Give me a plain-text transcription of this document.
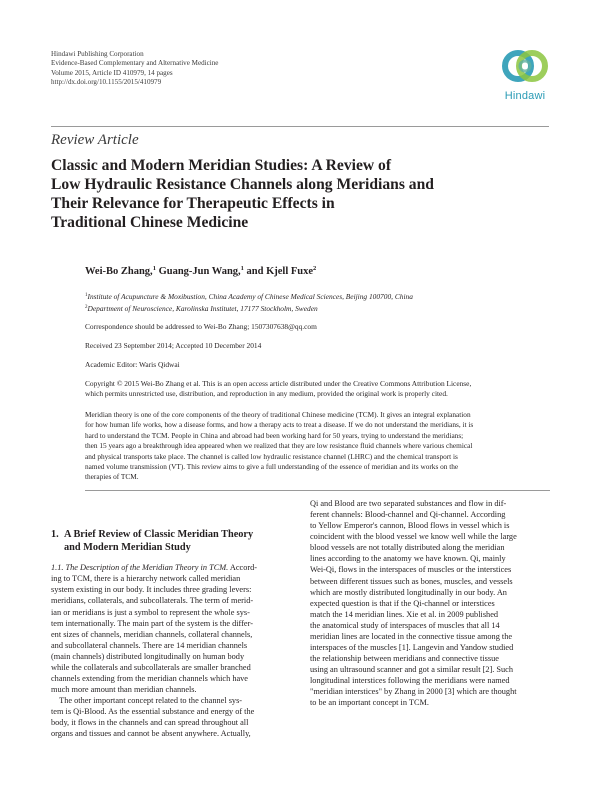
Hindawi Publishing Corporation
Evidence-Based Complementary and Alternative Medicine
Volume 2015, Article ID 410979, 14 pages
http://dx.doi.org/10.1155/2015/410979
Hindawi
Review Article
Classic and Modern Meridian Studies: A Review of
Low Hydraulic Resistance Channels along Meridians and
Their Relevance for Therapeutic Effects in
Traditional Chinese Medicine
Wei-Bo Zhang,$^1$ Guang-Jun Wang,$^1$ and Kjell Fuxe$^2$
$^1$Institute of Acupuncture & Moxibustion, China Academy of Chinese Medical Sciences, Beijing 100700, China
$^2$Department of Neuroscience, Karolinska Institutet, 17177 Stockholm, Sweden
Correspondence should be addressed to Wei-Bo Zhang; 1507307638@qq.com
Received 23 September 2014; Accepted 10 December 2014
Academic Editor: Waris Qidwai
Copyright © 2015 Wei-Bo Zhang et al. This is an open access article distributed under the Creative Commons Attribution License,
which permits unrestricted use, distribution, and reproduction in any medium, provided the original work is properly cited.
Meridian theory is one of the core components of the theory of traditional Chinese medicine (TCM). It gives an integral explanation
for how human life works, how a disease forms, and how a therapy acts to treat a disease. If we do not understand the meridians, it is
hard to understand the TCM. People in China and abroad had been working hard for 50 years, trying to understand the meridians;
then 15 years ago a breakthrough idea appeared when we realized that they are low resistance fluid channels where various chemical
and physical transports take place. The channel is called low hydraulic resistance channel (LHRC) and the chemical transport is
named volume transmission (VT). This review aims to give a full understanding of the essence of meridian and its works on the
therapies of TCM.
1. A Brief Review of Classic Meridian Theory
and Modern Meridian Study
1.1. The Description of the Meridian Theory in TCM. Accord-
ing to TCM, there is a hierarchy network called meridian
system existing in our body. It includes three grading levers:
meridians, collaterals, and subcollaterals. The term of merid-
ian or meridians is just a symbol to represent the whole sys-
tem internationally. The main part of the system is the differ-
ent sizes of channels, meridian channels, collateral channels,
and subcollateral channels. There are 14 meridian channels
(main channels) distributed longitudinally on human body
while the collaterals and subcollaterals are smaller branched
channels extending from the meridian channels which have
much more amount than meridian channels.
The other important concept related to the channel sys-
tem is Qi-Blood. As the essential substance and energy of the
body, it flows in the channels and can spread throughout all
organs and tissues and cannot be absent anywhere. Actually,
Qi and Blood are two separated substances and flow in dif-
ferent channels: Blood-channel and Qi-channel. According
to Yellow Emperor's cannon, Blood flows in vessel which is
coincident with the blood vessel we know well while the large
blood vessels are not totally distributed along the meridian
lines according to the anatomy we have known. Qi, mainly
Wei-Qi, flows in the interspaces of muscles or the interstices
between different tissues such as bones, muscles, and vessels
which are mostly distributed longitudinally in our body. An
expected question is that if the Qi-channel or interstices
match the 14 meridian lines. Xie et al. in 2009 published
the anatomical study of interspaces of muscles that all 14
meridian lines are located in the connective tissue among the
interspaces of the muscles [1]. Langevin and Yandow studied
the relationship between meridians and connective tissue
using an ultrasound scanner and got a similar result [2]. Such
longitudinal interstices following the meridians were named
"meridian interstices" by Zhang in 2000 [3] which are thought
to be an important concept in TCM.
